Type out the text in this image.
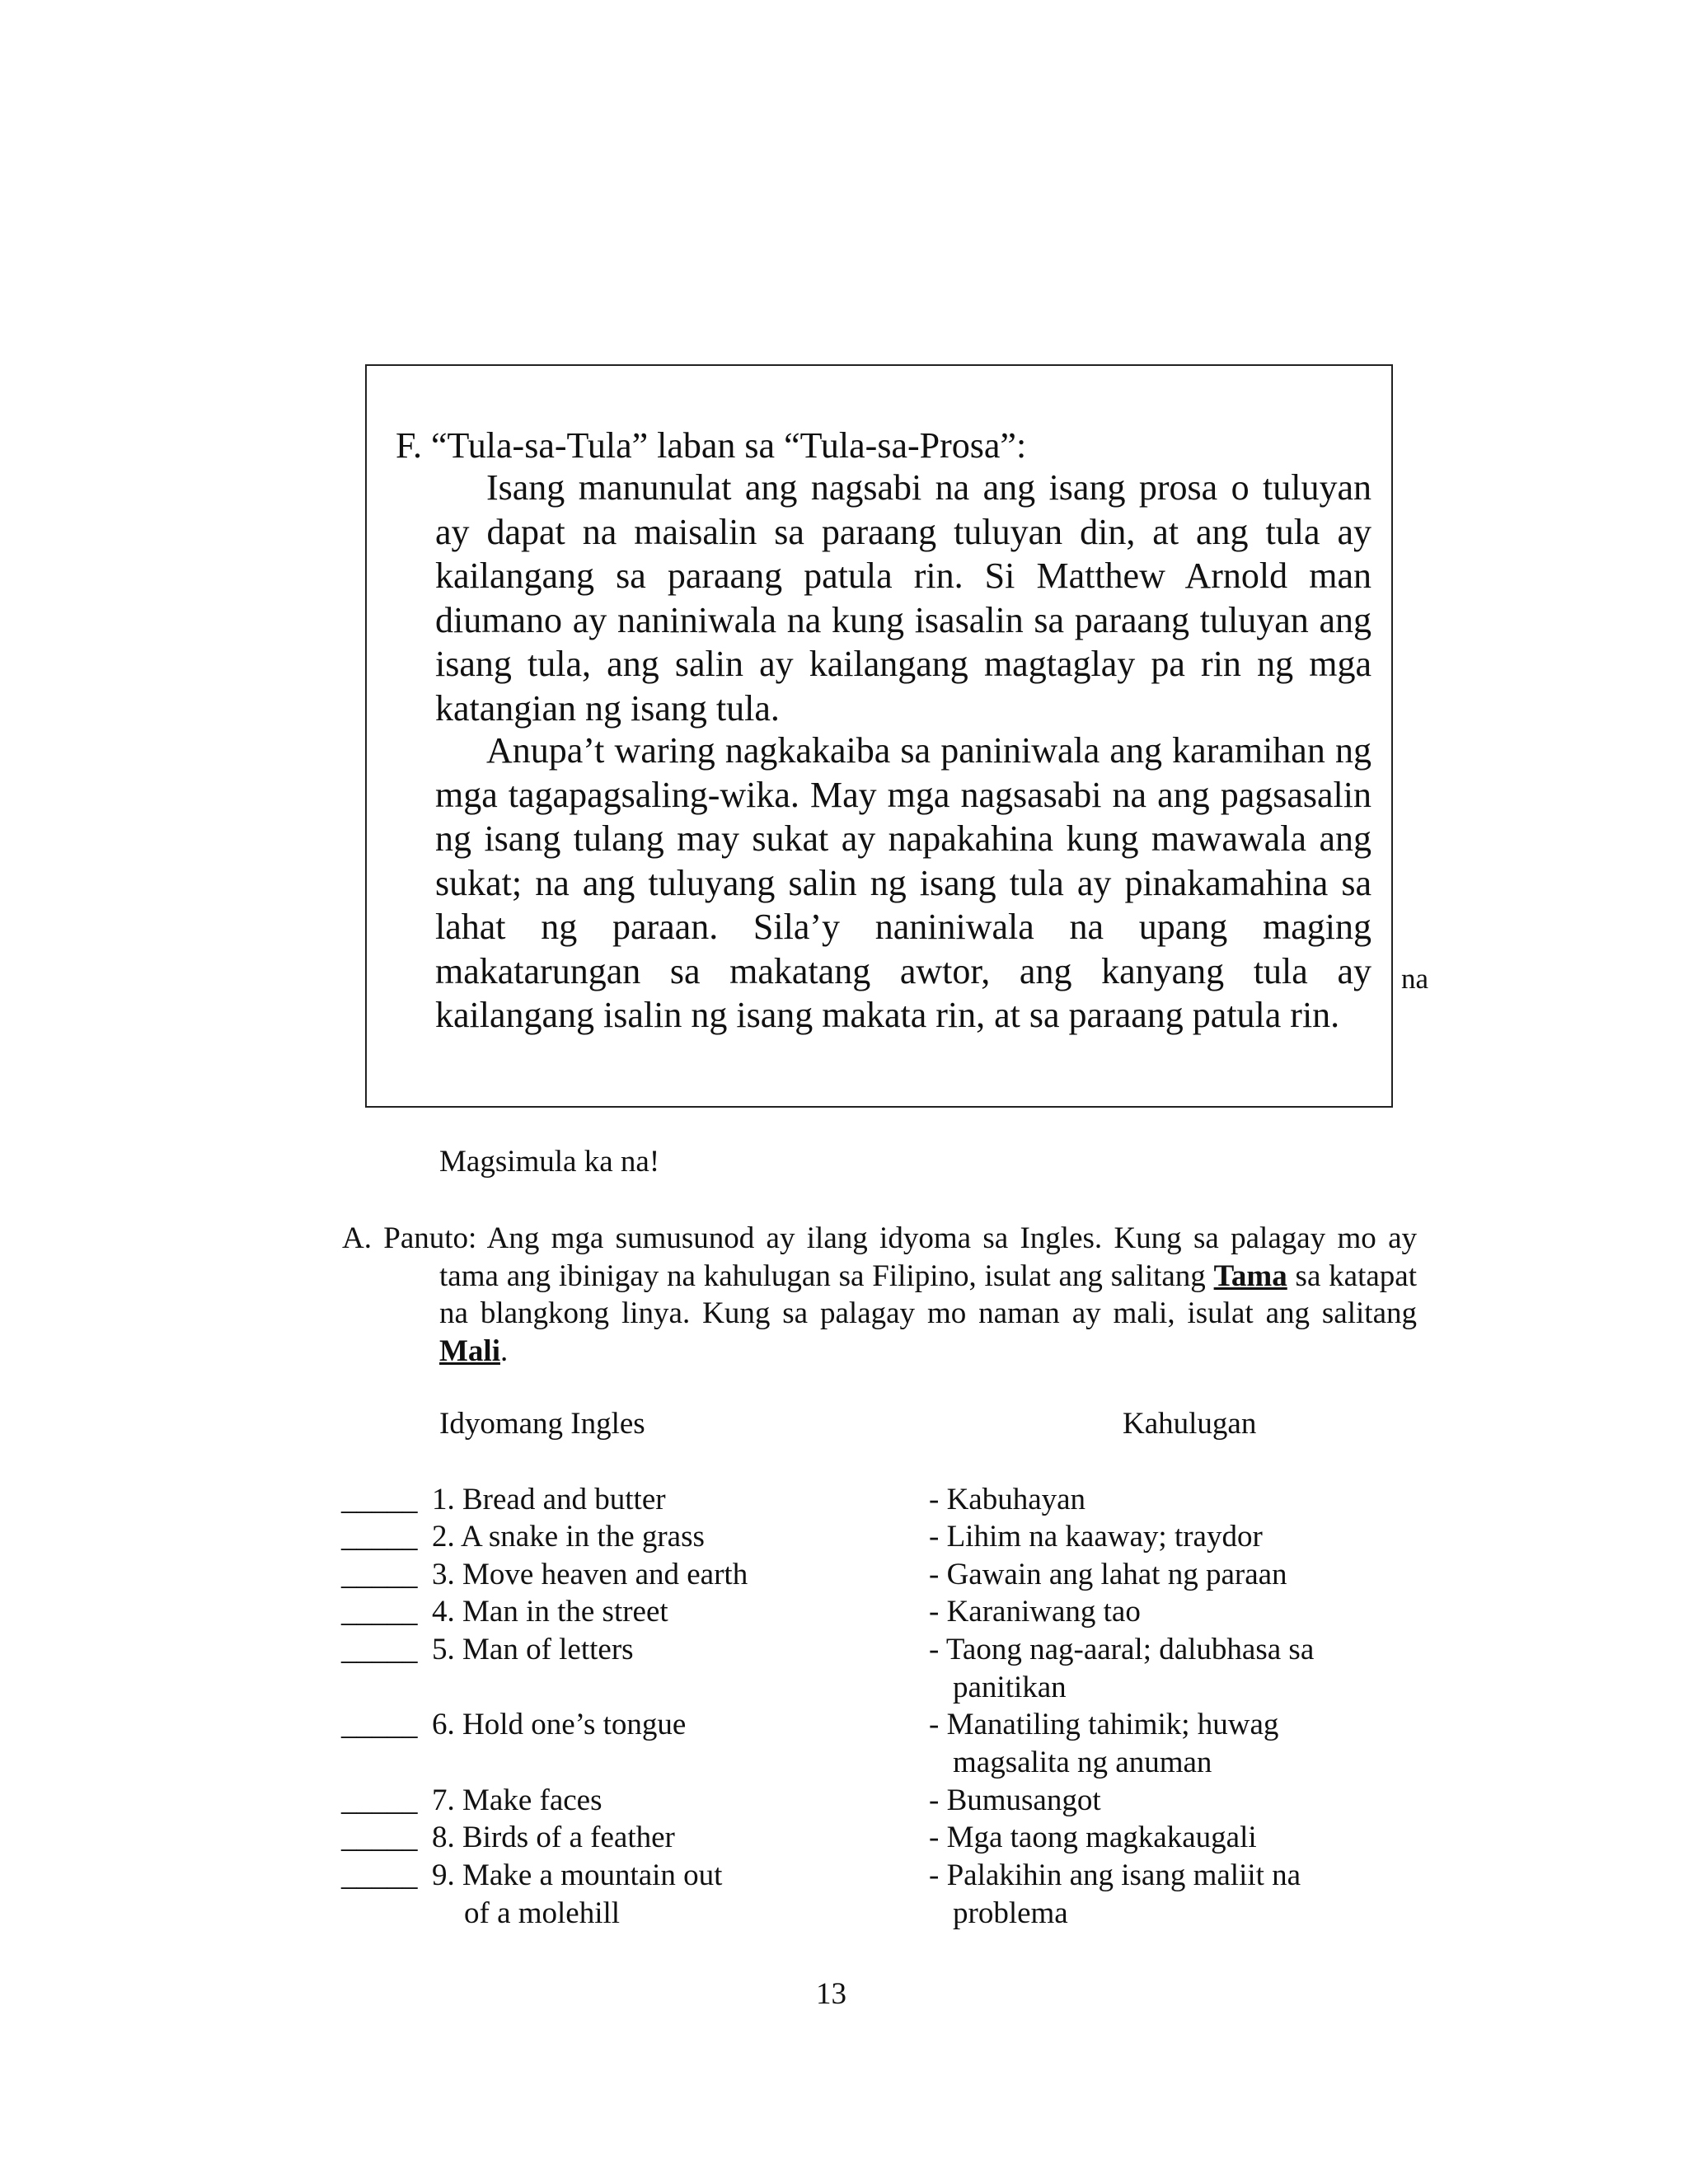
F. “Tula-sa-Tula” laban sa “Tula-sa-Prosa”:

Isang manunulat ang nagsabi na ang isang prosa o tuluyan ay dapat na maisalin sa paraang tuluyan din, at ang tula ay kailangang sa paraang patula rin. Si Matthew Arnold man diumano ay naniniwala na kung isasalin sa paraang tuluyan ang isang tula, ang salin ay kailangang magtaglay pa rin ng mga katangian ng isang tula.

Anupa’t waring nagkakaiba sa paniniwala ang karamihan ng mga tagapagsaling-wika. May mga nagsasabi na ang pagsasalin ng isang tulang may sukat ay napakahina kung mawawala ang sukat; na ang tuluyang salin ng isang tula ay pinakamahina sa lahat ng paraan. Sila’y naniniwala na upang maging makatarungan sa makatang awtor, ang kanyang tula ay kailangang isalin ng isang makata rin, at sa paraang patula rin.

na
Magsimula ka na!

A. Panuto: Ang mga sumusunod ay ilang idyoma sa Ingles. Kung sa palagay mo ay tama ang ibinigay na kahulugan sa Filipino, isulat ang salitang Tama sa katapat na blangkong linya. Kung sa palagay mo naman ay mali, isulat ang salitang Mali.

Idyomang Ingles	Kahulugan
_____ 1. Bread and butter	- Kabuhayan
_____ 2. A snake in the grass	- Lihim na kaaway; traydor
_____ 3. Move heaven and earth	- Gawain ang lahat ng paraan
_____ 4. Man in the street	- Karaniwang tao
_____ 5. Man of letters	- Taong nag-aaral; dalubhasa sa
panitikan
_____ 6. Hold one’s tongue	- Manatiling tahimik; huwag
magsalita ng anuman
_____ 7. Make faces	- Bumusangot
_____ 8. Birds of a feather	- Mga taong magkakaugali
_____ 9. Make a mountain out	- Palakihin ang isang maliit na
of a molehill	problema
13
